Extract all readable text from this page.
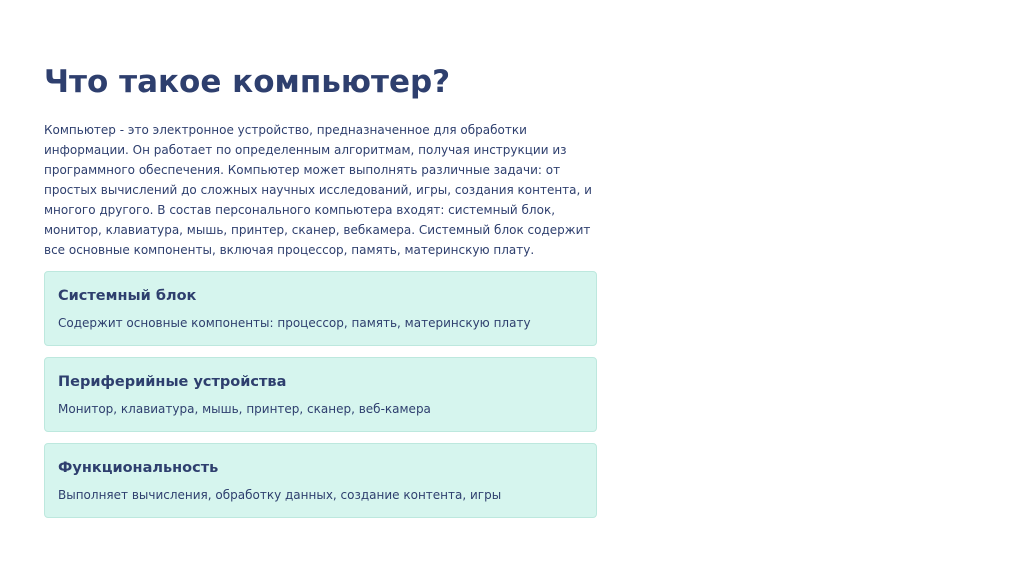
Что такое компьютер?

Компьютер - это электронное устройство, предназначенное для обработки информации. Он работает по определенным алгоритмам, получая инструкции из программного обеспечения. Компьютер может выполнять различные задачи: от простых вычислений до сложных научных исследований, игры, создания контента, и многого другого. В состав персонального компьютера входят: системный блок, монитор, клавиатура, мышь, принтер, сканер, вебкамера. Системный блок содержит все основные компоненты, включая процессор, память, материнскую плату.

Системный блок

Содержит основные компоненты: процессор, память, материнскую плату

Периферийные устройства

Монитор, клавиатура, мышь, принтер, сканер, веб-камера

Функциональность

Выполняет вычисления, обработку данных, создание контента, игры
